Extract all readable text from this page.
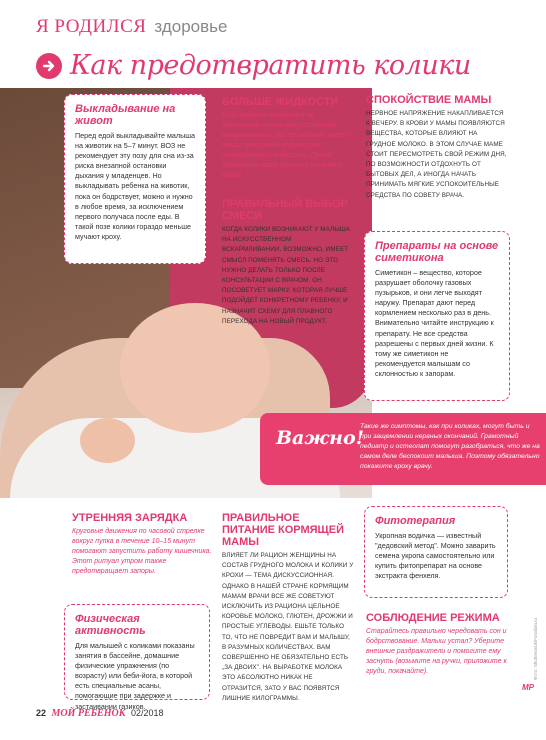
Я РОДИЛСЯ здоровье
Как предотвратить колики
Выкладывание на живот
Перед едой выкладывайте малыша на животик на 5–7 минут. ВОЗ не рекомендует эту позу для сна из-за риска внезапной остановки дыхания у младенцев. Но выкладывать ребенка на животик, пока он бодрствует, можно и нужно в любое время, за исключением первого получаса после еды. В такой позе колики гораздо меньше мучают кроху.
БОЛЬШЕ ЖИДКОСТИ
Если ребенок находится на смешанном или на искусственном вскармливании, то при коликах имеет смысл увеличить количество потребляемой жидкости. Лучше допаивать кроху обычной питьевой водой.
ПРАВИЛЬНЫЙ ВЫБОР СМЕСИ
КОГДА КОЛИКИ ВОЗНИКАЮТ У МАЛЫША НА ИСКУССТВЕННОМ ВСКАРМЛИВАНИИ, ВОЗМОЖНО, ИМЕЕТ СМЫСЛ ПОМЕНЯТЬ СМЕСЬ. НО ЭТО НУЖНО ДЕЛАТЬ ТОЛЬКО ПОСЛЕ КОНСУЛЬТАЦИИ С ВРАЧОМ. ОН ПОСОВЕТУЕТ МАРКУ, КОТОРАЯ ЛУЧШЕ ПОДОЙДЕТ КОНКРЕТНОМУ РЕБЕНКУ, И НАЗНАЧИТ СХЕМУ ДЛЯ ПЛАВНОГО ПЕРЕХОДА НА НОВЫЙ ПРОДУКТ.
СПОКОЙСТВИЕ МАМЫ
НЕРВНОЕ НАПРЯЖЕНИЕ НАКАПЛИВАЕТСЯ К ВЕЧЕРУ. В КРОВИ У МАМЫ ПОЯВЛЯЮТСЯ ВЕЩЕСТВА, КОТОРЫЕ ВЛИЯЮТ НА ГРУДНОЕ МОЛОКО. В ЭТОМ СЛУЧАЕ МАМЕ СТОИТ ПЕРЕСМОТРЕТЬ СВОЙ РЕЖИМ ДНЯ, ПО ВОЗМОЖНОСТИ ОТДОХНУТЬ ОТ БЫТОВЫХ ДЕЛ, А ИНОГДА НАЧАТЬ ПРИНИМАТЬ МЯГКИЕ УСПОКОИТЕЛЬНЫЕ СРЕДСТВА ПО СОВЕТУ ВРАЧА.
Препараты на основе симетикона
Симетикон – вещество, которое разрушает оболочку газовых пузырьков, и они легче выходят наружу. Препарат дают перед кормлением несколько раз в день. Внимательно читайте инструкцию к препарату. Не все средства разрешены с первых дней жизни. К тому же симетикон не рекомендуется малышам со склонностью к запорам.
Важно!
Такие же симптомы, как при коликах, могут быть и при защемлении нервных окончаний. Грамотный педиатр и остеопат помогут разобраться, что же на самом деле беспокоит малыша. Поэтому обязательно покажите кроху врачу.
УТРЕННЯЯ ЗАРЯДКА
Круговые движения по часовой стрелке вокруг пупка в течение 10–15 минут помогают запустить работу кишечника. Этот ритуал утром также предотвращает запоры.
Физическая активность
Для малышей с коликами показаны занятия в бассейне, домашние физические упражнения (по возрасту) или беби-йога, в которой есть специальные асаны, помогающие при задержке и застаивании газиков.
ПРАВИЛЬНОЕ ПИТАНИЕ КОРМЯЩЕЙ МАМЫ
ВЛИЯЕТ ЛИ РАЦИОН ЖЕНЩИНЫ НА СОСТАВ ГРУДНОГО МОЛОКА И КОЛИКИ У КРОХИ — ТЕМА ДИСКУССИОННАЯ. ОДНАКО В НАШЕЙ СТРАНЕ КОРМЯЩИМ МАМАМ ВРАЧИ ВСЕ ЖЕ СОВЕТУЮТ ИСКЛЮЧИТЬ ИЗ РАЦИОНА ЦЕЛЬНОЕ КОРОВЬЕ МОЛОКО, ГЛЮТЕН, ДРОЖЖИ И ПРОСТЫЕ УГЛЕВОДЫ. ЕШЬТЕ ТОЛЬКО ТО, ЧТО НЕ ПОВРЕДИТ ВАМ И МАЛЫШУ, В РАЗУМНЫХ КОЛИЧЕСТВАХ. ВАМ СОВЕРШЕННО НЕ ОБЯЗАТЕЛЬНО ЕСТЬ „ЗА ДВОИХ". НА ВЫРАБОТКЕ МОЛОКА ЭТО АБСОЛЮТНО НИКАК НЕ ОТРАЗИТСЯ, ЗАТО У ВАС ПОЯВЯТСЯ ЛИШНИЕ КИЛОГРАММЫ.
Фитотерапия
Укропная водичка — известный "дедовский метод". Можно заварить семена укропа самостоятельно или купить фитопрепарат на основе экстракта фенхеля.
СОБЛЮДЕНИЕ РЕЖИМА
Старайтесь правильно чередовать сон и бодрствование. Малыш устал? Уберите внешние раздражители и помогите ему заснуть (возьмите на ручки, приложите к груди, покачайте).	Фото: Shutterstock/Fotodom.ru
22 МОЙ РЕБЕНОК 02/2018
МР
